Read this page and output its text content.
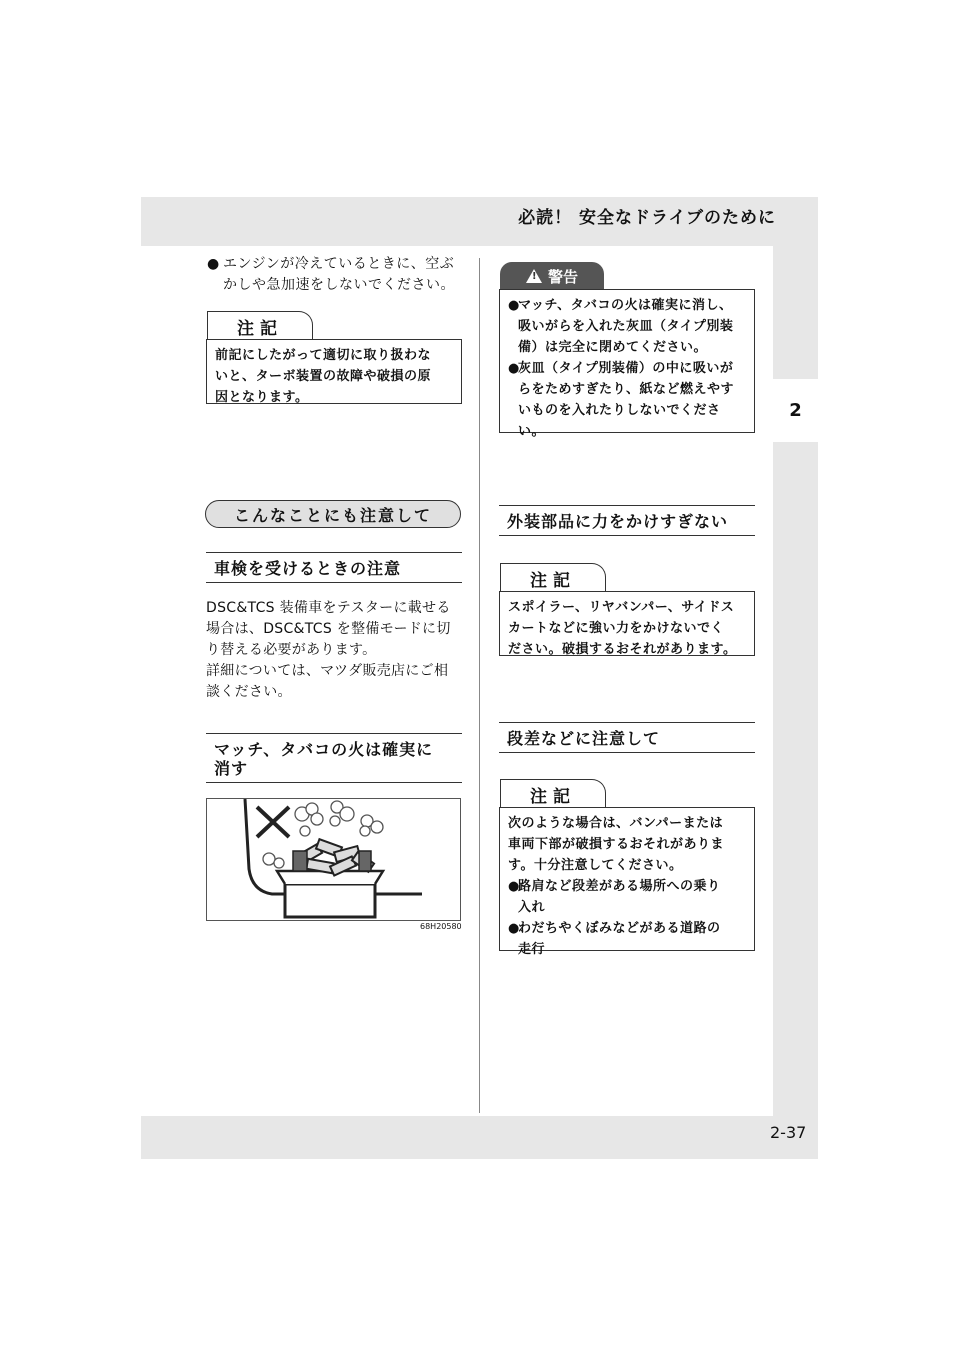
必読！ 安全なドライブのために
2
2-37
● エンジンが冷えているときに、空ぶ
かしや急加速をしないでください。
注記
前記にしたがって適切に取り扱わな
いと、ターボ装置の故障や破損の原
因となります。
こんなことにも注意して
車検を受けるときの注意
DSC&TCS 装備車をテスターに載せる
場合は、DSC&TCS を整備モードに切
り替える必要があります。
詳細については、マツダ販売店にご相
談ください。
マッチ、タバコの火は確実に
消す
68H20580
! 警告
●
マッチ、タバコの火は確実に消し、
吸いがらを入れた灰皿（タイプ別装
備）は完全に閉めてください。
●
灰皿（タイプ別装備）の中に吸いが
らをためすぎたり、紙など燃えやす
いものを入れたりしないでくださ
い。
外装部品に力をかけすぎない
注記
スポイラー、リヤバンパー、サイドス
カートなどに強い力をかけないでく
ださい。破損するおそれがあります。
段差などに注意して
注記
次のような場合は、バンパーまたは
車両下部が破損するおそれがありま
す。十分注意してください。
●
路肩など段差がある場所への乗り
入れ
●
わだちやくぼみなどがある道路の
走行
